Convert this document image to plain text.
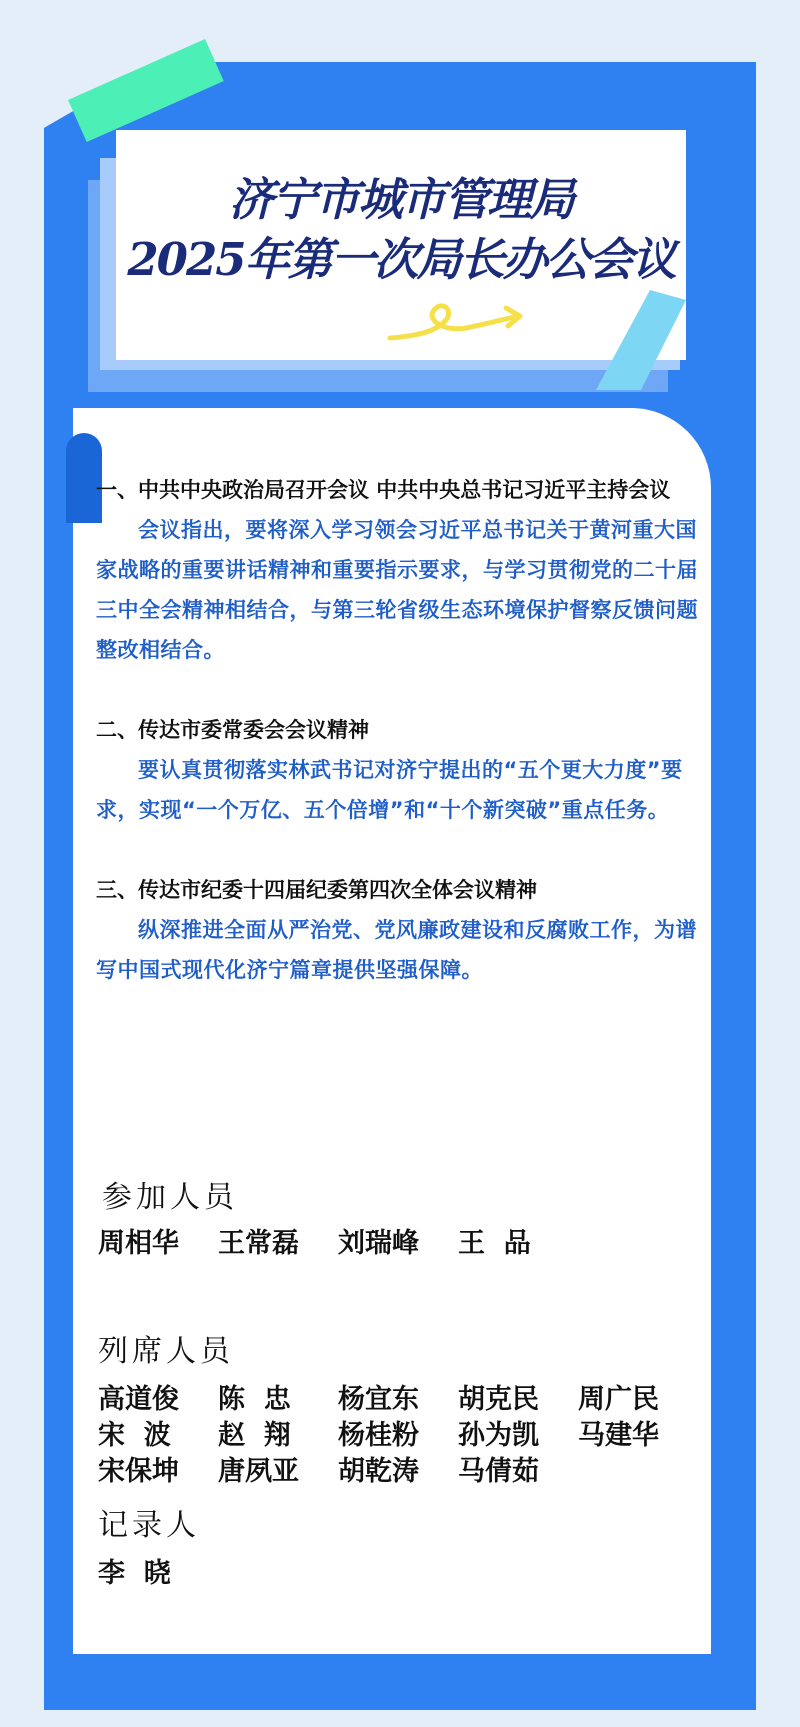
济宁市城市管理局
2025年第一次局长办公会议
一、中共中央政治局召开会议 中共中央总书记习近平主持会议
会议指出，要将深入学习领会习近平总书记关于黄河重大国家战略的重要讲话精神和重要指示要求，与学习贯彻党的二十届三中全会精神相结合，与第三轮省级生态环境保护督察反馈问题整改相结合。
二、传达市委常委会会议精神
要认真贯彻落实林武书记对济宁提出的“五个更大力度”要求，实现“一个万亿、五个倍增”和“十个新突破”重点任务。
三、传达市纪委十四届纪委第四次全体会议精神
纵深推进全面从严治党、党风廉政建设和反腐败工作，为谱写中国式现代化济宁篇章提供坚强保障。
参加人员
周相华	王常磊	刘瑞峰	王  品
列席人员
高道俊	陈  忠	杨宜东	胡克民	周广民
宋  波	赵  翔	杨桂粉	孙为凯	马建华
宋保坤	唐夙亚	胡乾涛	马倩茹
记录人
李  晓
